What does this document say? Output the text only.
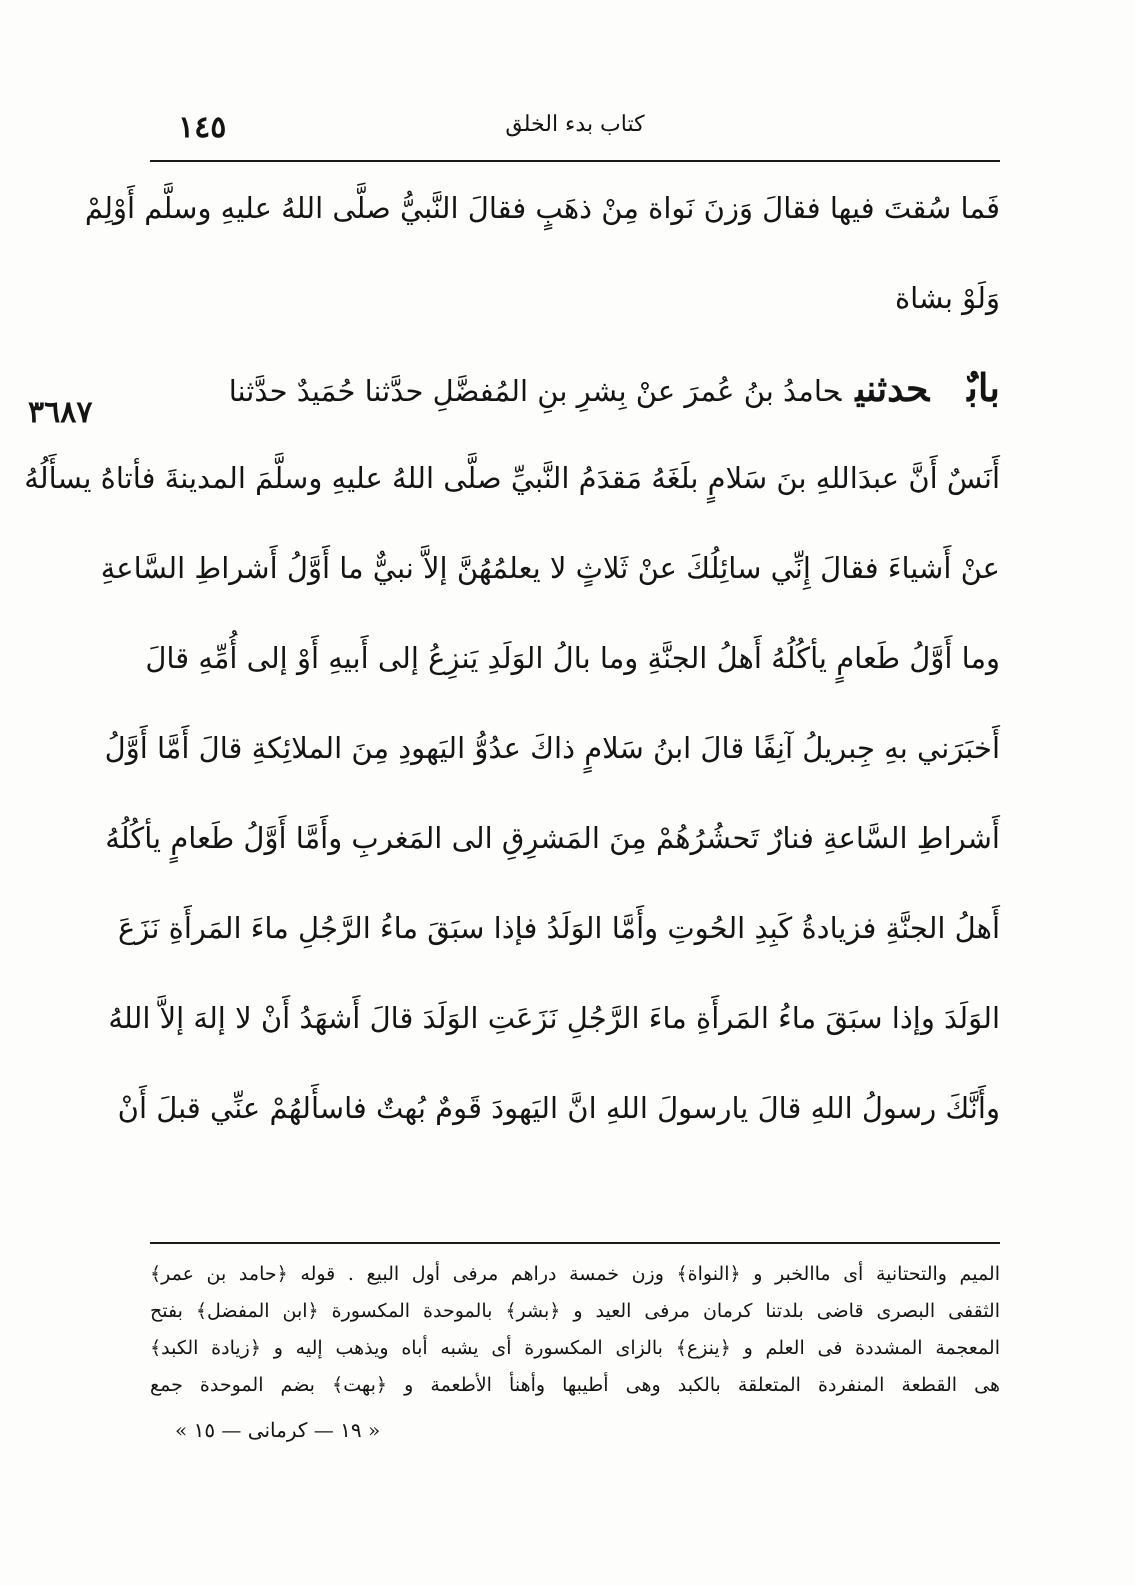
كتاب بدء الخلق
١٤٥
فَما سُقتَ فيها فقالَ وَزنَ نَواة مِنْ ذهَبٍ فقالَ النَّبيُّ صلَّى اللهُ عليهِ وسلَّم أَوْلِمْ
وَلَوْ بشاة
بابٌحدثنيحامدُ بنُ عُمرَ عنْ بِشرِ بنِ المُفضَّلِ حدَّثنا حُمَيدٌ حدَّثنا
أَنَسٌ أَنَّ عبدَاللهِ بنَ سَلامٍ بلَغَهُ مَقدَمُ النَّبيِّ صلَّى اللهُ عليهِ وسلَّمَ المدينةَ فأتاهُ يسأَلُهُ
عنْ أَشياءَ فقالَ إِنِّي سائِلُكَ عنْ ثَلاثٍ لا يعلمُهُنَّ إلاَّ نبيٌّ ما أَوَّلُ أَشراطِ السَّاعةِ
وما أَوَّلُ طَعامٍ يأكُلُهُ أَهلُ الجنَّةِ وما بالُ الوَلَدِ يَنزِعُ إلى أَبيهِ أَوْ إلى أُمِّهِ قالَ
أَخبَرَني بهِ جِبريلُ آنِفًا قالَ ابنُ سَلامٍ ذاكَ عدُوُّ اليَهودِ مِنَ الملائِكةِ قالَ أَمَّا أَوَّلُ
أَشراطِ السَّاعةِ فنارٌ تَحشُرُهُمْ مِنَ المَشرِقِ الى المَغربِ وأَمَّا أَوَّلُ طَعامٍ يأكُلُهُ
أَهلُ الجنَّةِ فزيادةُ كَبِدِ الحُوتِ وأَمَّا الوَلَدُ فإذا سبَقَ ماءُ الرَّجُلِ ماءَ المَرأَةِ نَزَعَ
الوَلَدَ وإذا سبَقَ ماءُ المَرأَةِ ماءَ الرَّجُلِ نَزَعَتِ الوَلَدَ قالَ أَشهَدُ أَنْ لا إلهَ إلاَّ اللهُ
وأَنَّكَ رسولُ اللهِ قالَ يارسولَ اللهِ انَّ اليَهودَ قَومٌ بُهتٌ فاسأَلهُمْ عنِّي قبلَ أَنْ
٣٦٨٧
الميم والتحتانية أى ماالخبر و ﴿النواة﴾ وزن خمسة دراهم مرفى أول البيع . قوله ﴿حامد بن عمر﴾
الثقفى البصرى قاضى بلدتنا كرمان مرفى العيد و ﴿بشر﴾ بالموحدة المكسورة ﴿ابن المفضل﴾ بفتح
المعجمة المشددة فى العلم و ﴿ينزع﴾ بالزاى المكسورة أى يشبه أباه ويذهب إليه و ﴿زيادة الكبد﴾
هى القطعة المنفردة المتعلقة بالكبد وهى أطيبها وأهنأ الأطعمة و ﴿بهت﴾ بضم الموحدة جمع
« ١٩ — كرمانى — ١٥ »
